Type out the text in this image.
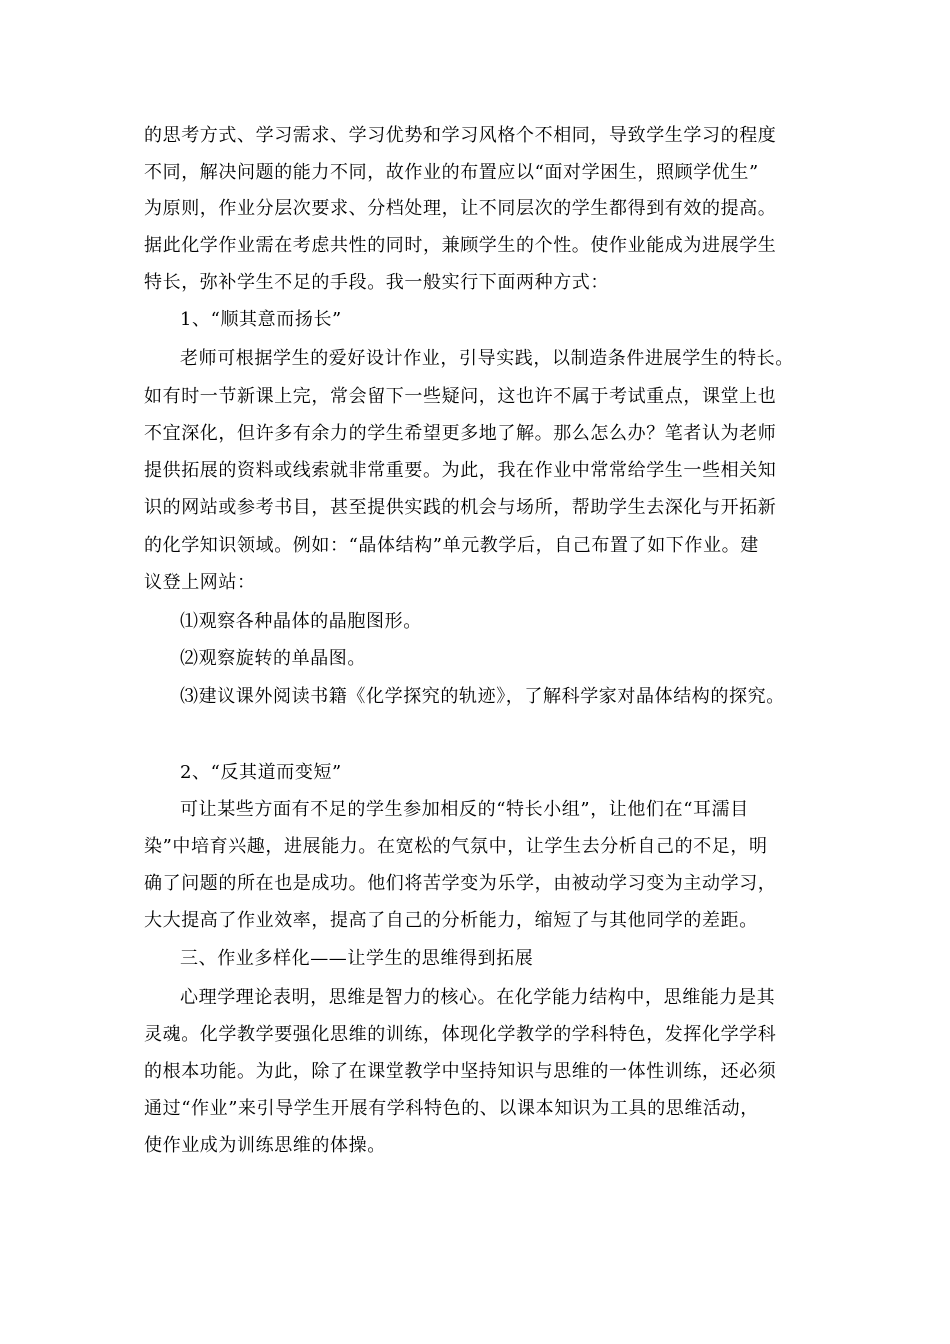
的思考方式、学习需求、学习优势和学习风格个不相同，导致学生学习的程度
不同，解决问题的能力不同，故作业的布置应以“面对学困生，照顾学优生”
为原则，作业分层次要求、分档处理，让不同层次的学生都得到有效的提高。
据此化学作业需在考虑共性的同时，兼顾学生的个性。使作业能成为进展学生
特长，弥补学生不足的手段。我一般实行下面两种方式：
1、“顺其意而扬长”
老师可根据学生的爱好设计作业，引导实践，以制造条件进展学生的特长。
如有时一节新课上完，常会留下一些疑问，这也许不属于考试重点，课堂上也
不宜深化，但许多有余力的学生希望更多地了解。那么怎么办？笔者认为老师
提供拓展的资料或线索就非常重要。为此，我在作业中常常给学生一些相关知
识的网站或参考书目，甚至提供实践的机会与场所，帮助学生去深化与开拓新
的化学知识领域。例如：“晶体结构”单元教学后，自己布置了如下作业。建
议登上网站：
⑴观察各种晶体的晶胞图形。
⑵观察旋转的单晶图。
⑶建议课外阅读书籍《化学探究的轨迹》，了解科学家对晶体结构的探究。
2、“反其道而变短”
可让某些方面有不足的学生参加相反的“特长小组”，让他们在“耳濡目
染”中培育兴趣，进展能力。在宽松的气氛中，让学生去分析自己的不足，明
确了问题的所在也是成功。他们将苦学变为乐学，由被动学习变为主动学习，
大大提高了作业效率，提高了自己的分析能力，缩短了与其他同学的差距。
三、作业多样化——让学生的思维得到拓展
心理学理论表明，思维是智力的核心。在化学能力结构中，思维能力是其
灵魂。化学教学要强化思维的训练，体现化学教学的学科特色，发挥化学学科
的根本功能。为此，除了在课堂教学中坚持知识与思维的一体性训练，还必须
通过“作业”来引导学生开展有学科特色的、以课本知识为工具的思维活动，
使作业成为训练思维的体操。
